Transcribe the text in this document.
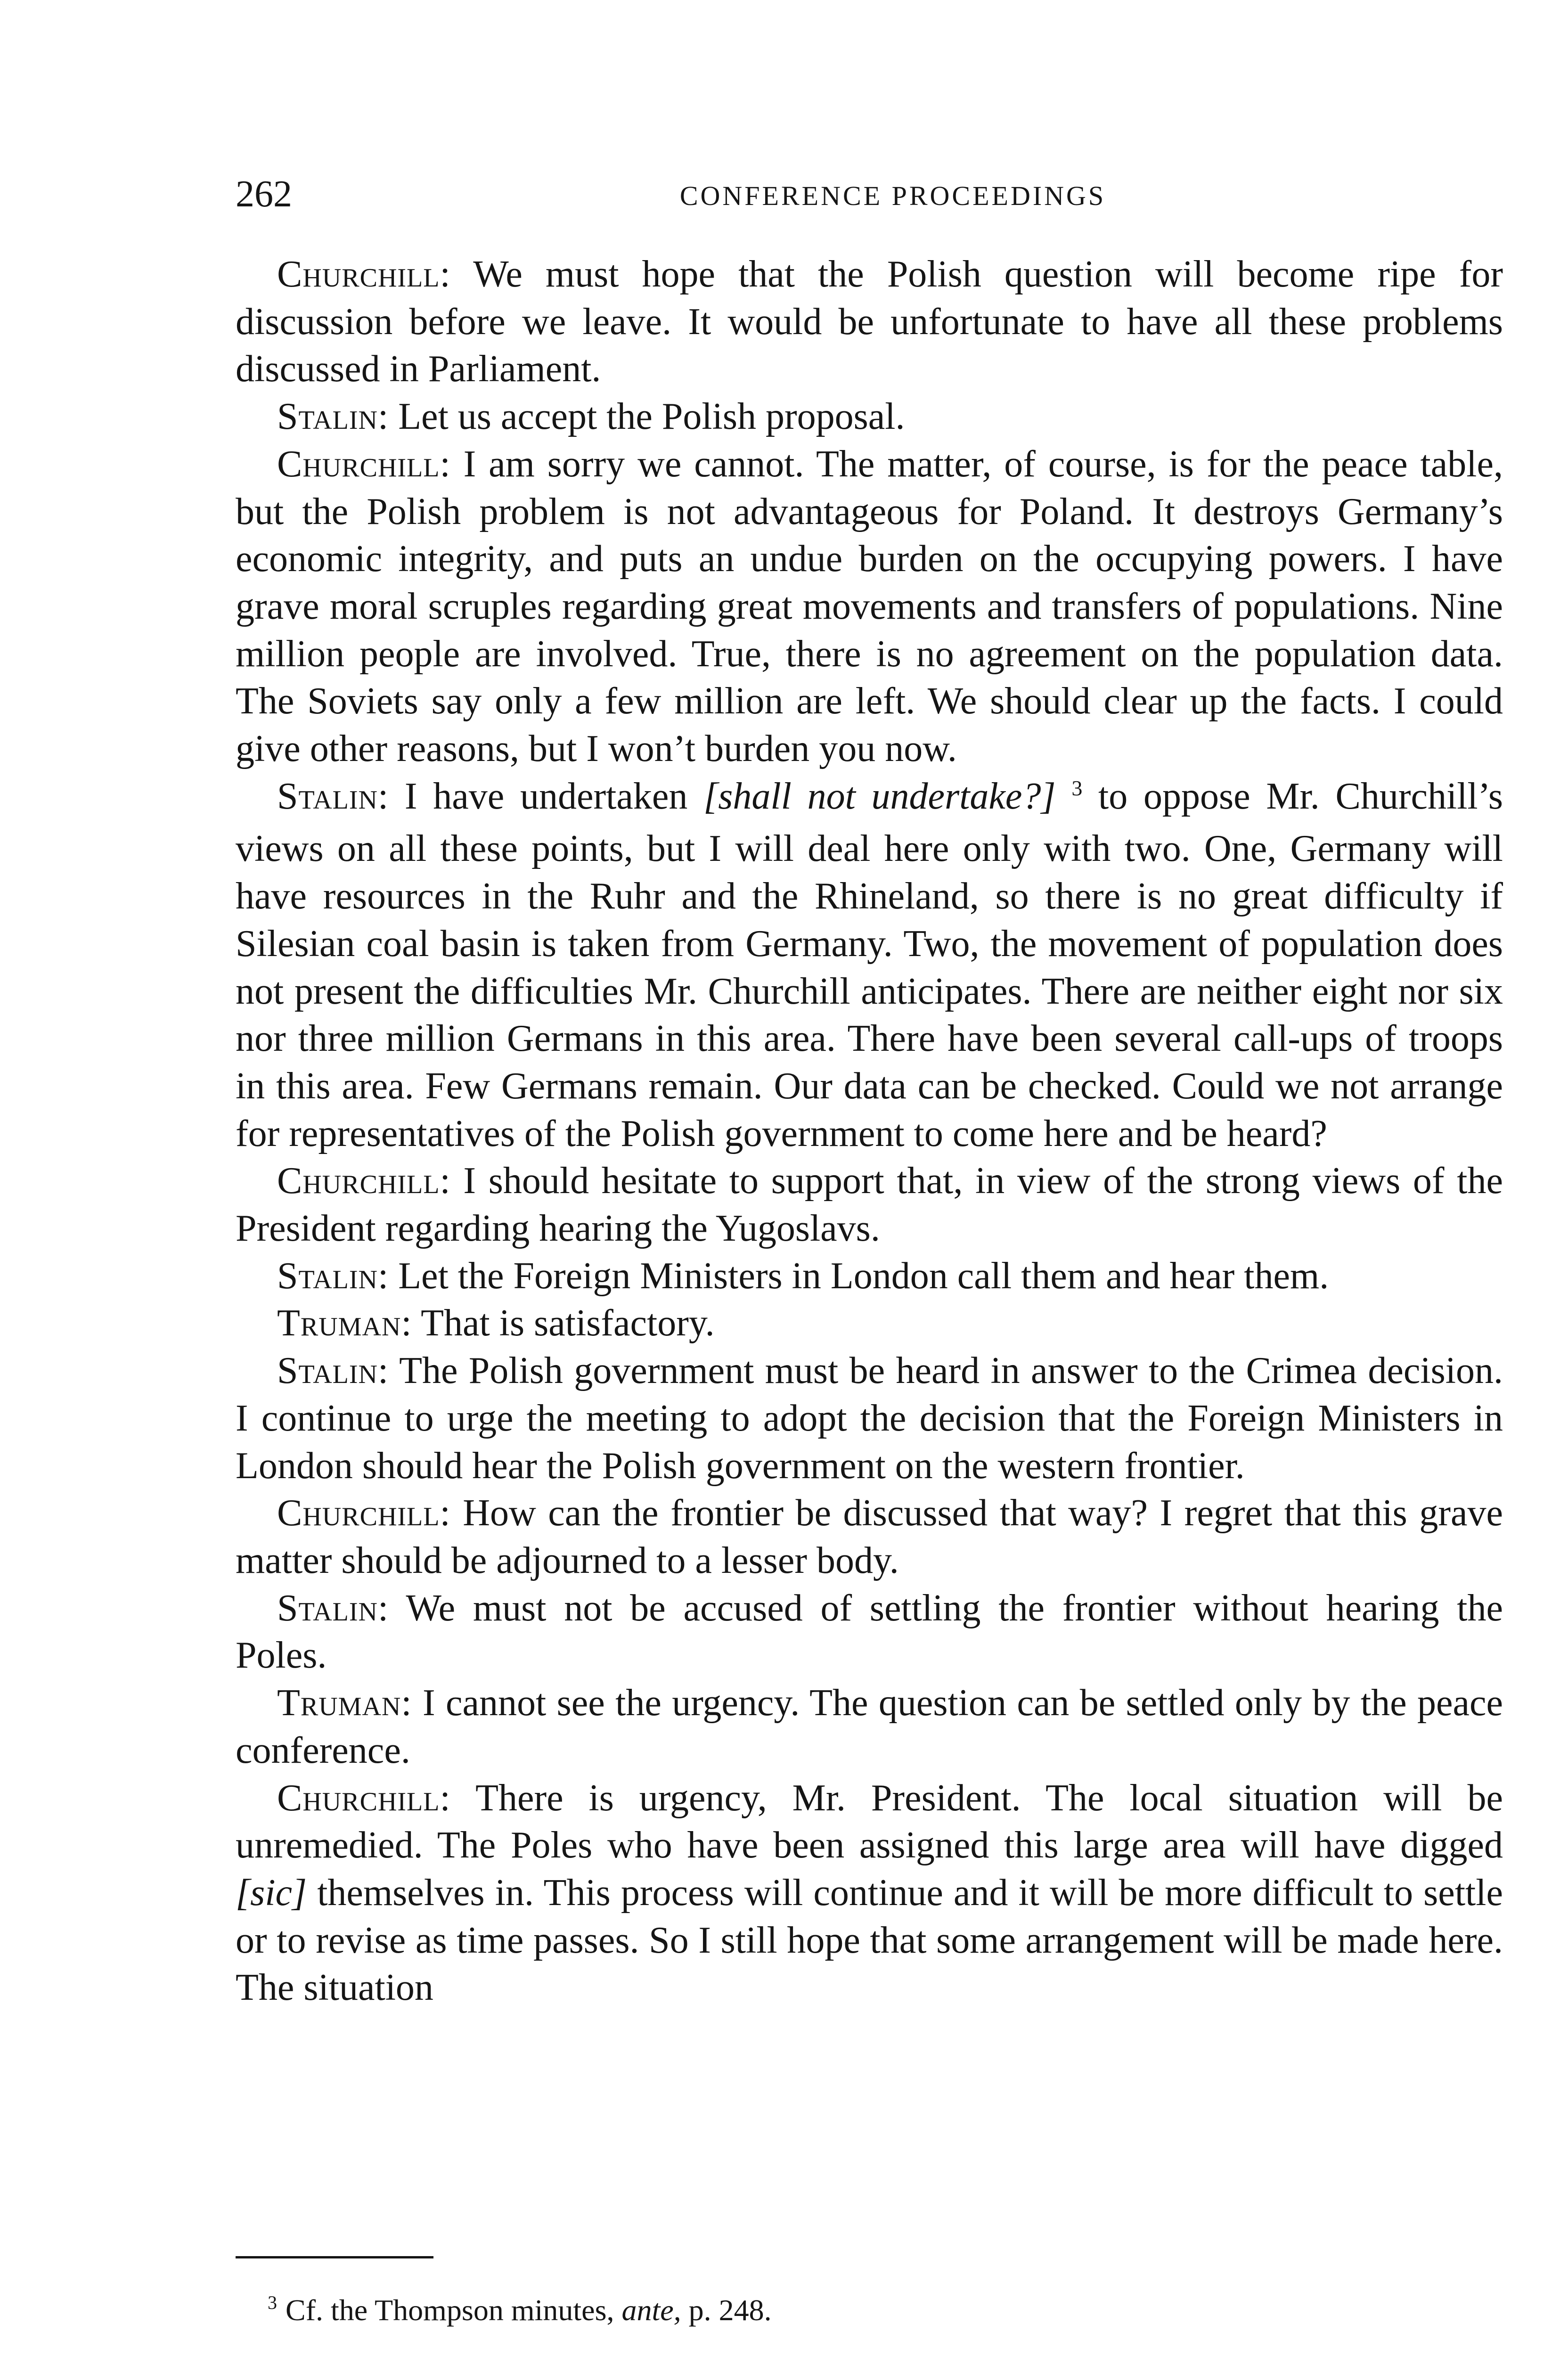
262	CONFERENCE PROCEEDINGS

Churchill: We must hope that the Polish question will become ripe for discussion before we leave. It would be unfortunate to have all these problems discussed in Parliament.

Stalin: Let us accept the Polish proposal.

Churchill: I am sorry we cannot. The matter, of course, is for the peace table, but the Polish problem is not advantageous for Poland. It destroys Germany’s economic integrity, and puts an undue burden on the occupying powers. I have grave moral scruples regarding great movements and transfers of populations. Nine million people are involved. True, there is no agreement on the population data. The Soviets say only a few million are left. We should clear up the facts. I could give other reasons, but I won’t burden you now.

Stalin: I have undertaken [shall not undertake?] $^3$ to oppose Mr. Churchill’s views on all these points, but I will deal here only with two. One, Germany will have resources in the Ruhr and the Rhineland, so there is no great difficulty if Silesian coal basin is taken from Germany. Two, the movement of population does not present the difficulties Mr. Churchill anticipates. There are neither eight nor six nor three million Germans in this area. There have been several call-ups of troops in this area. Few Germans remain. Our data can be checked. Could we not arrange for representatives of the Polish government to come here and be heard?

Churchill: I should hesitate to support that, in view of the strong views of the President regarding hearing the Yugoslavs.

Stalin: Let the Foreign Ministers in London call them and hear them.

Truman: That is satisfactory.

Stalin: The Polish government must be heard in answer to the Crimea decision. I continue to urge the meeting to adopt the decision that the Foreign Ministers in London should hear the Polish government on the western frontier.

Churchill: How can the frontier be discussed that way? I regret that this grave matter should be adjourned to a lesser body.

Stalin: We must not be accused of settling the frontier without hearing the Poles.

Truman: I cannot see the urgency. The question can be settled only by the peace conference.

Churchill: There is urgency, Mr. President. The local situation will be unremedied. The Poles who have been assigned this large area will have digged [sic] themselves in. This process will continue and it will be more difficult to settle or to revise as time passes. So I still hope that some arrangement will be made here. The situation

$^3$ Cf. the Thompson minutes, ante, p. 248.
